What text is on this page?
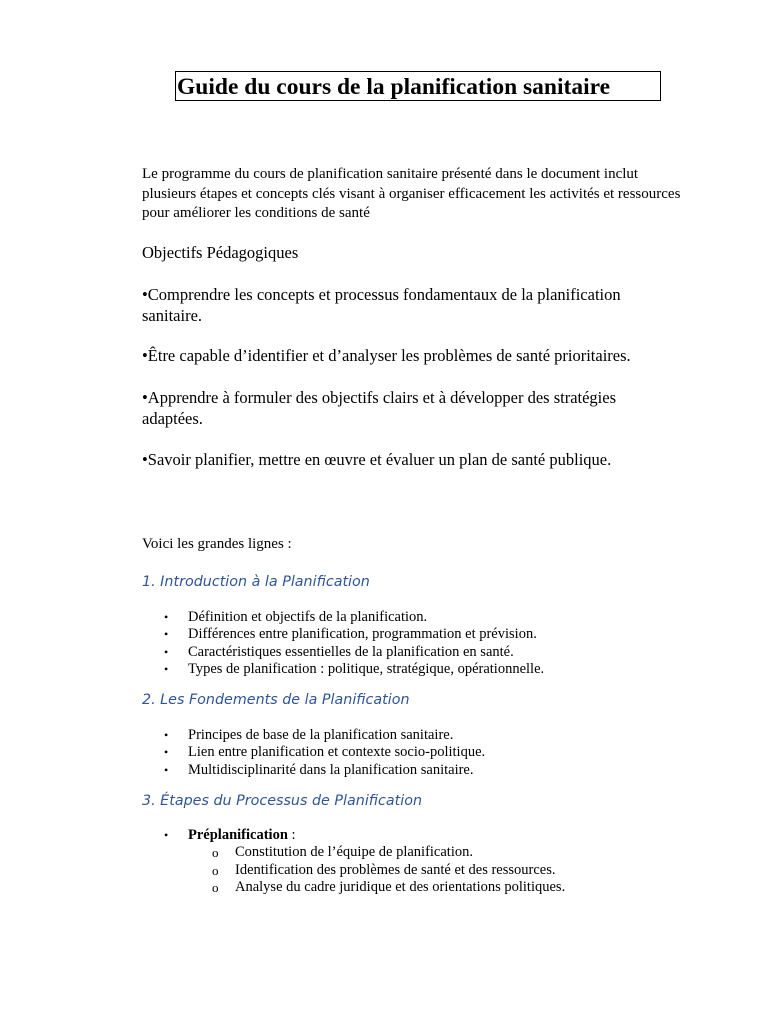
Guide du cours de la planification sanitaire
Le programme du cours de planification sanitaire présenté dans le document inclut plusieurs étapes et concepts clés visant à organiser efficacement les activités et ressources pour améliorer les conditions de santé
Objectifs Pédagogiques
•Comprendre les concepts et processus fondamentaux de la planification sanitaire.
•Être capable d’identifier et d’analyser les problèmes de santé prioritaires.
•Apprendre à formuler des objectifs clairs et à développer des stratégies adaptées.
•Savoir planifier, mettre en œuvre et évaluer un plan de santé publique.
Voici les grandes lignes :
1. Introduction à la Planification
• Définition et objectifs de la planification.
• Différences entre planification, programmation et prévision.
• Caractéristiques essentielles de la planification en santé.
• Types de planification : politique, stratégique, opérationnelle.
2. Les Fondements de la Planification
• Principes de base de la planification sanitaire.
• Lien entre planification et contexte socio-politique.
• Multidisciplinarité dans la planification sanitaire.
3. Étapes du Processus de Planification
• Préplanification :
o Constitution de l’équipe de planification.
o Identification des problèmes de santé et des ressources.
o Analyse du cadre juridique et des orientations politiques.
